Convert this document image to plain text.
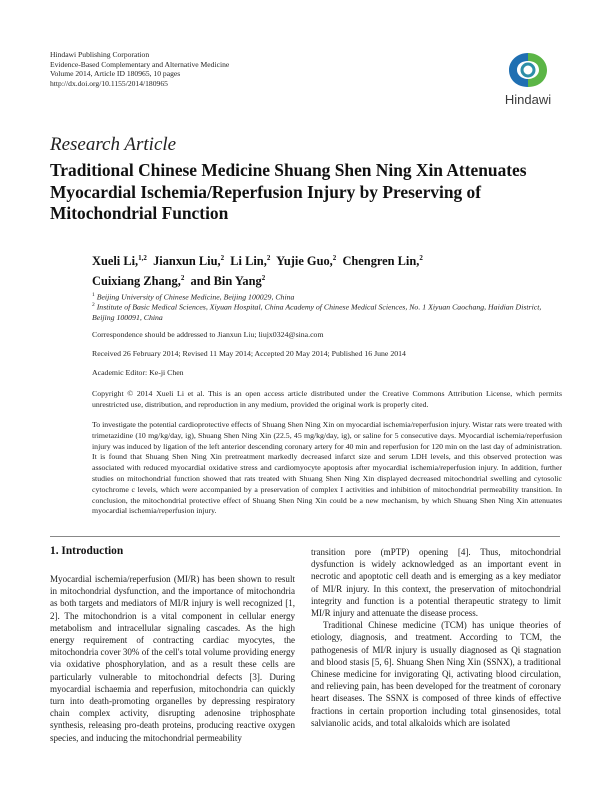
Hindawi Publishing Corporation
Evidence-Based Complementary and Alternative Medicine
Volume 2014, Article ID 180965, 10 pages
http://dx.doi.org/10.1155/2014/180965
Hindawi
Research Article
Traditional Chinese Medicine Shuang Shen Ning Xin Attenuates Myocardial Ischemia/Reperfusion Injury by Preserving of Mitochondrial Function
Xueli Li,$^{1,2}$ Jianxun Liu,$^2$ Li Lin,$^2$ Yujie Guo,$^2$ Chengren Lin,$^2$
Cuixiang Zhang,$^2$ and Bin Yang$^2$
$^1$ Beijing University of Chinese Medicine, Beijing 100029, China
$^2$ Institute of Basic Medical Sciences, Xiyuan Hospital, China Academy of Chinese Medical Sciences, No. 1 Xiyuan Caochang, Haidian District, Beijing 100091, China
Correspondence should be addressed to Jianxun Liu; liujx0324@sina.com
Received 26 February 2014; Revised 11 May 2014; Accepted 20 May 2014; Published 16 June 2014
Academic Editor: Ke-ji Chen
Copyright © 2014 Xueli Li et al. This is an open access article distributed under the Creative Commons Attribution License, which permits unrestricted use, distribution, and reproduction in any medium, provided the original work is properly cited.
To investigate the potential cardioprotective effects of Shuang Shen Ning Xin on myocardial ischemia/reperfusion injury. Wistar rats were treated with trimetazidine (10 mg/kg/day, ig), Shuang Shen Ning Xin (22.5, 45 mg/kg/day, ig), or saline for 5 consecutive days. Myocardial ischemia/reperfusion injury was induced by ligation of the left anterior descending coronary artery for 40 min and reperfusion for 120 min on the last day of administration. It is found that Shuang Shen Ning Xin pretreatment markedly decreased infarct size and serum LDH levels, and this observed protection was associated with reduced myocardial oxidative stress and cardiomyocyte apoptosis after myocardial ischemia/reperfusion injury. In addition, further studies on mitochondrial function showed that rats treated with Shuang Shen Ning Xin displayed decreased mitochondrial swelling and cytosolic cytochrome c levels, which were accompanied by a preservation of complex I activities and inhibition of mitochondrial permeability transition. In conclusion, the mitochondrial protective effect of Shuang Shen Ning Xin could be a new mechanism, by which Shuang Shen Ning Xin attenuates myocardial ischemia/reperfusion injury.
1. Introduction

Myocardial ischemia/reperfusion (MI/R) has been shown to result in mitochondrial dysfunction, and the importance of mitochondria as both targets and mediators of MI/R injury is well recognized [1, 2]. The mitochondrion is a vital component in cellular energy metabolism and intracellular signaling cascades. As the high energy requirement of contracting cardiac myocytes, the mitochondria cover 30% of the cell's total volume providing energy via oxidative phosphorylation, and as a result these cells are particularly vulnerable to mitochondrial defects [3]. During myocardial ischaemia and reperfusion, mitochondria can quickly turn into death-promoting organelles by depressing respiratory chain complex activity, disrupting adenosine triphosphate synthesis, releasing pro-death proteins, producing reactive oxygen species, and inducing the mitochondrial permeability

transition pore (mPTP) opening [4]. Thus, mitochondrial dysfunction is widely acknowledged as an important event in necrotic and apoptotic cell death and is emerging as a key mediator of MI/R injury. In this context, the preservation of mitochondrial integrity and function is a potential therapeutic strategy to limit MI/R injury and attenuate the disease process.

Traditional Chinese medicine (TCM) has unique theories of etiology, diagnosis, and treatment. According to TCM, the pathogenesis of MI/R injury is usually diagnosed as Qi stagnation and blood stasis [5, 6]. Shuang Shen Ning Xin (SSNX), a traditional Chinese medicine for invigorating Qi, activating blood circulation, and relieving pain, has been developed for the treatment of coronary heart diseases. The SSNX is composed of three kinds of effective fractions in certain proportion including total ginsenosides, total salvianolic acids, and total alkaloids which are isolated
